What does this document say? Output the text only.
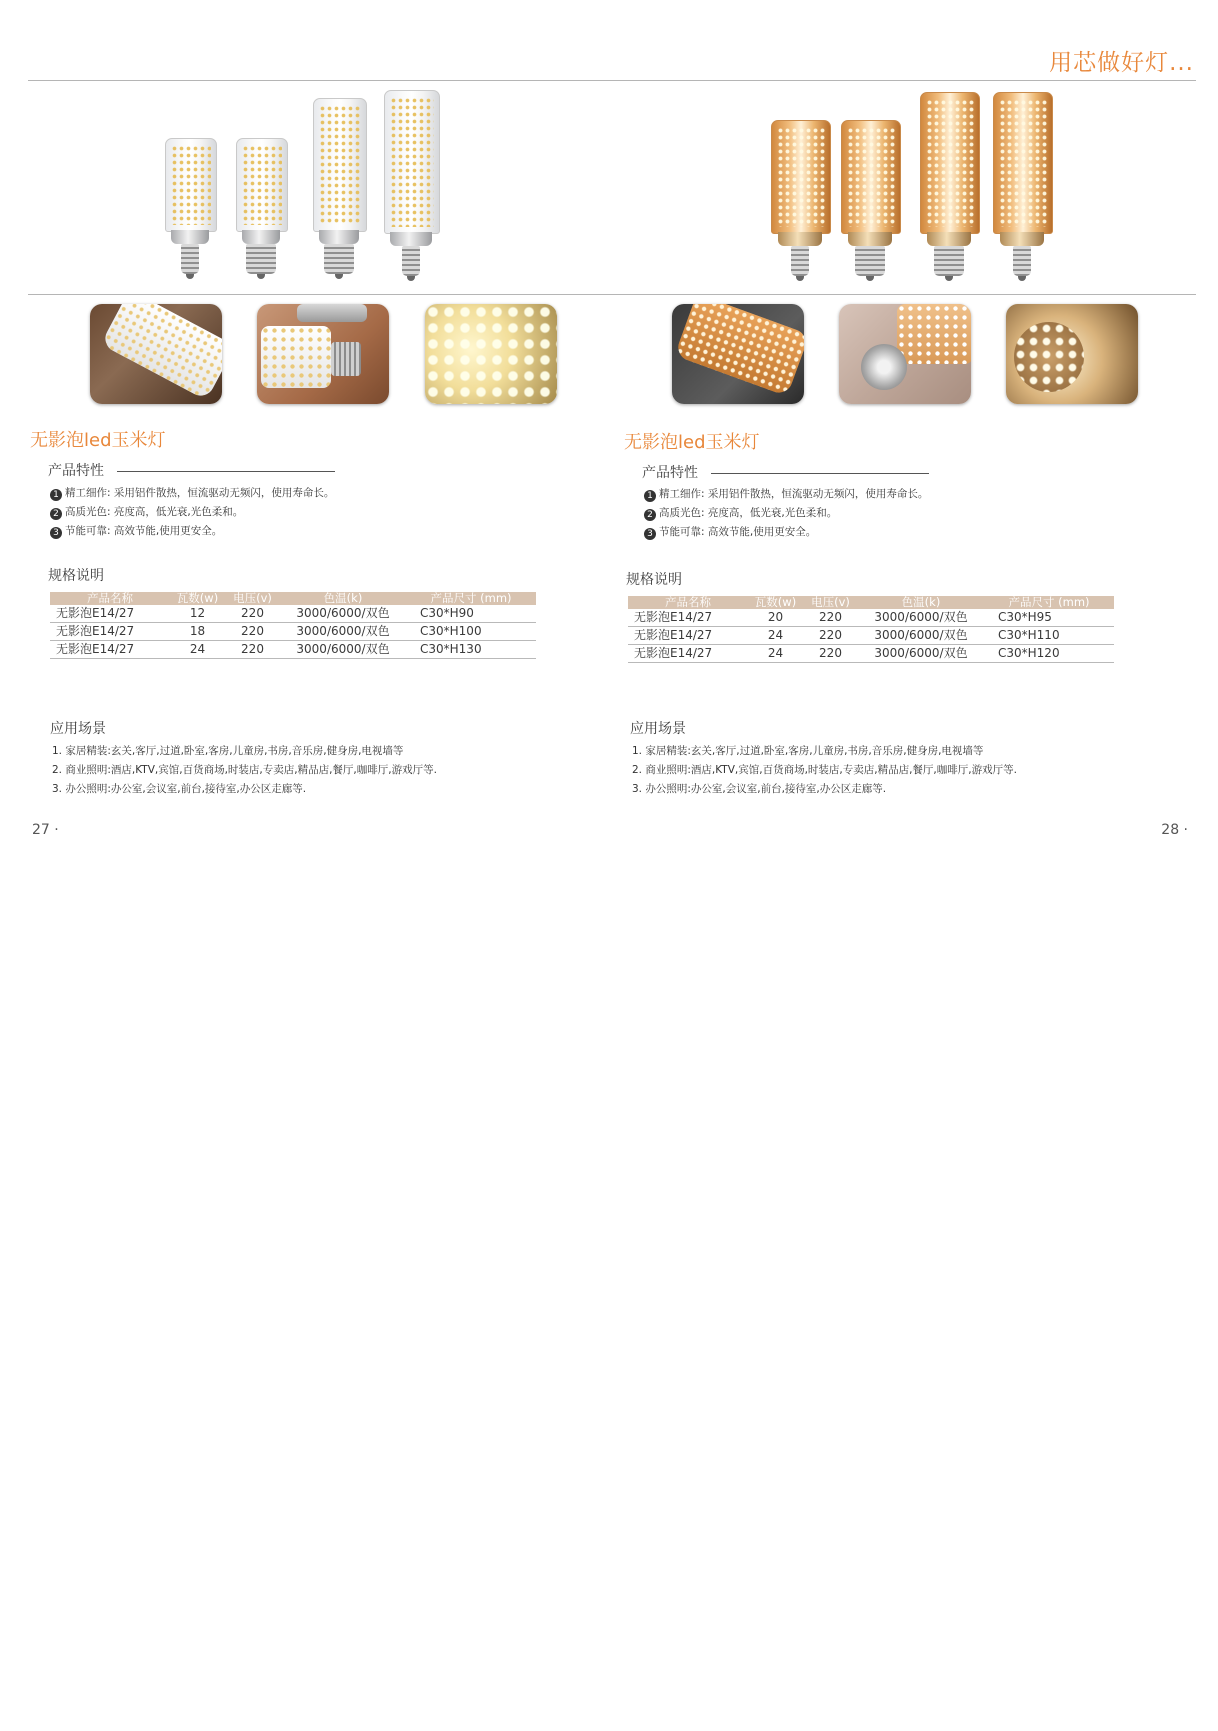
用芯做好灯...
无影泡led玉米灯
产品特性
1 精工细作: 采用铝件散热，恒流驱动无频闪，使用寿命长。
2 高质光色: 亮度高，低光衰,光色柔和。
3 节能可靠: 高效节能,使用更安全。
规格说明
产品名称	瓦数(w)	电压(v)	色温(k)	产品尺寸 (mm)
无影泡E14/27	12	220	3000/6000/双色	C30*H90
无影泡E14/27	18	220	3000/6000/双色	C30*H100
无影泡E14/27	24	220	3000/6000/双色	C30*H130
应用场景
1. 家居精装:玄关,客厅,过道,卧室,客房,儿童房,书房,音乐房,健身房,电视墙等
2. 商业照明:酒店,KTV,宾馆,百货商场,时装店,专卖店,精品店,餐厅,咖啡厅,游戏厅等.
3. 办公照明:办公室,会议室,前台,接待室,办公区走廊等.
27 ·
无影泡led玉米灯
产品特性
1 精工细作: 采用铝件散热，恒流驱动无频闪，使用寿命长。
2 高质光色: 亮度高，低光衰,光色柔和。
3 节能可靠: 高效节能,使用更安全。
规格说明
产品名称	瓦数(w)	电压(v)	色温(k)	产品尺寸 (mm)
无影泡E14/27	20	220	3000/6000/双色	C30*H95
无影泡E14/27	24	220	3000/6000/双色	C30*H110
无影泡E14/27	24	220	3000/6000/双色	C30*H120
应用场景
1. 家居精装:玄关,客厅,过道,卧室,客房,儿童房,书房,音乐房,健身房,电视墙等
2. 商业照明:酒店,KTV,宾馆,百货商场,时装店,专卖店,精品店,餐厅,咖啡厅,游戏厅等.
3. 办公照明:办公室,会议室,前台,接待室,办公区走廊等.
28 ·
